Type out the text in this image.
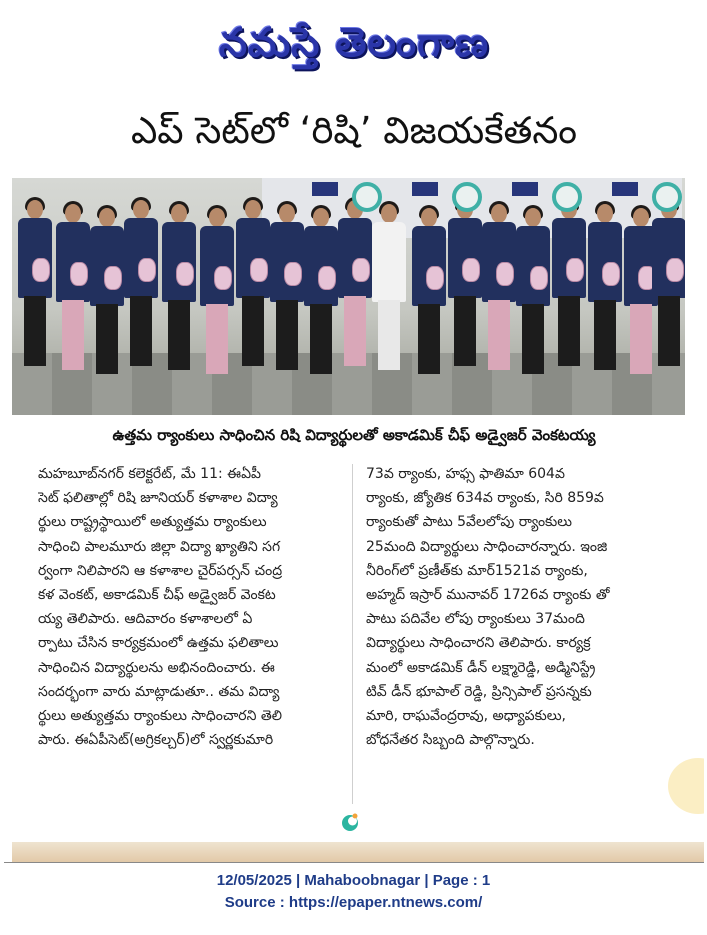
నమస్తే తెలంగాణ
ఎప్ సెట్‌లో ‘రిషి’ విజయకేతనం
ఉత్తమ ర్యాంకులు సాధించిన రిషి విద్యార్థులతో అకాడమిక్ చీఫ్ అడ్వైజర్ వెంకటయ్య
మహబూబ్‌నగర్ కలెక్టరేట్, మే 11: ఈఏపీ
సెట్ ఫలితాల్లో రిషి జూనియర్ కళాశాల విద్యా
ర్థులు రాష్ట్రస్థాయిలో అత్యుత్తమ ర్యాంకులు
సాధించి పాలమూరు జిల్లా విద్యా ఖ్యాతిని సగ
ర్వంగా నిలిపారని ఆ కళాశాల చైర్‌పర్సన్ చంద్ర
కళ వెంకట్, అకాడమిక్ చీఫ్ అడ్వైజర్ వెంకట
య్య తెలిపారు. ఆదివారం కళాశాలలో ఏ
ర్పాటు చేసిన కార్యక్రమంలో ఉత్తమ ఫలితాలు
సాధించిన విద్యార్థులను అభినందించారు. ఈ
సందర్భంగా వారు మాట్లాడుతూ.. తమ విద్యా
ర్థులు అత్యుత్తమ ర్యాంకులు సాధించారని తెలి
పారు. ఈఏపీసెట్(అగ్రికల్చర్)లో స్వర్ణకుమారి
73వ ర్యాంకు, హఫ్స ఫాతిమా 604వ
ర్యాంకు, జ్యోతిక 634వ ర్యాంకు, సిరి 859వ
ర్యాంకుతో పాటు 5వేలలోపు ర్యాంకులు
25మంది విద్యార్థులు సాధించారన్నారు. ఇంజి
నీరింగ్‌లో ప్రణీత్‌కు మార్1521వ ర్యాంకు,
అహ్మద్ ఇస్రార్ మునావర్ 1726వ ర్యాంకు తో
పాటు పదివేల లోపు ర్యాంకులు 37మంది
విద్యార్థులు సాధించారని తెలిపారు. కార్యక్ర
మంలో అకాడమిక్ డీన్ లక్ష్మారెడ్డి, అడ్మినిస్ట్రే
టివ్ డీన్ భూపాల్ రెడ్డి, ప్రిన్సిపాల్ ప్రసన్నకు
మారి, రాఘవేంద్రరావు, అధ్యాపకులు,
బోధనేతర సిబ్బంది పాల్గొన్నారు.
12/05/2025 | Mahaboobnagar | Page : 1
Source : https://epaper.ntnews.com/
